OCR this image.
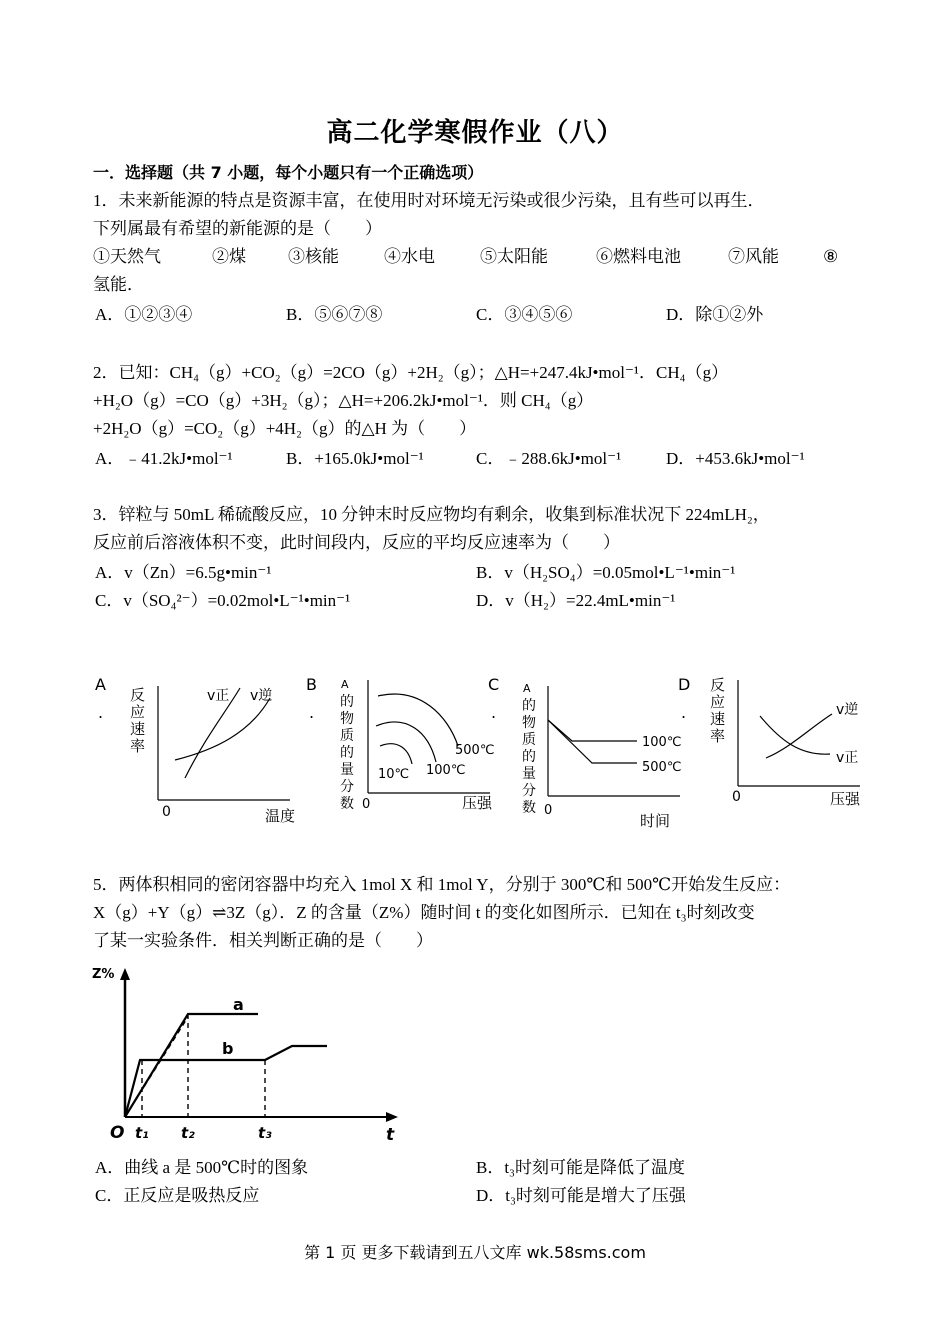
高二化学寒假作业（八）
一．选择题（共 7 小题，每个小题只有一个正确选项）
1．未来新能源的特点是资源丰富，在使用时对环境无污染或很少污染，且有些可以再生．
下列属最有希望的新能源的是（　　）
①天然气	②煤 ③核能	④水电	⑤太阳能	⑥燃料电池	⑦风能	⑧
氢能．
A．①②③④	B．⑤⑥⑦⑧	C．③④⑤⑥	D．除①②外
2．已知：CH₄（g）+CO₂（g）=2CO（g）+2H₂（g）；△H=+247.4kJ•mol⁻¹．CH₄（g）
+H₂O（g）=CO（g）+3H₂（g）；△H=+206.2kJ•mol⁻¹．则 CH₄（g）
+2H₂O（g）=CO₂（g）+4H₂（g）的△H 为（　　）
A．﹣41.2kJ•mol⁻¹	B．+165.0kJ•mol⁻¹	C．﹣288.6kJ•mol⁻¹	D．+453.6kJ•mol⁻¹
3．锌粒与 50mL 稀硫酸反应，10 分钟末时反应物均有剩余，收集到标准状况下 224mLH₂，
反应前后溶液体积不变，此时间段内，反应的平均反应速率为（　　）
A．v（Zn）=6.5g•min⁻¹	B．v（H₂SO₄）=0.05mol•L⁻¹•min⁻¹
C．v（SO₄²⁻）=0.02mol•L⁻¹•min⁻¹	D．v（H₂）=22.4mL•min⁻¹
A
.
反
应
速
率
0	温度
v正 v逆
B
.
A
的
物
质
的
量
分
数 0	压强
10℃ 100℃
500℃
C
.
A
的
物
质
的
量
分
数 0
时间
100℃
500℃
D
.
反
应
速
率
0	压强
v逆
v正
5．两体积相同的密闭容器中均充入 1mol X 和 1mol Y，分别于 300℃和 500℃开始发生反应：
X（g）+Y（g）⇌3Z（g）．Z 的含量（Z%）随时间 t 的变化如图所示．已知在 t₃时刻改变
了某一实验条件．相关判断正确的是（　　）
Z%
O	t
t₁ t₂	t₃
a
b
A．曲线 a 是 500℃时的图象	B．t₃时刻可能是降低了温度
C．正反应是吸热反应	D．t₃时刻可能是增大了压强
第 1 页 更多下载请到五八文库 wk.58sms.com
